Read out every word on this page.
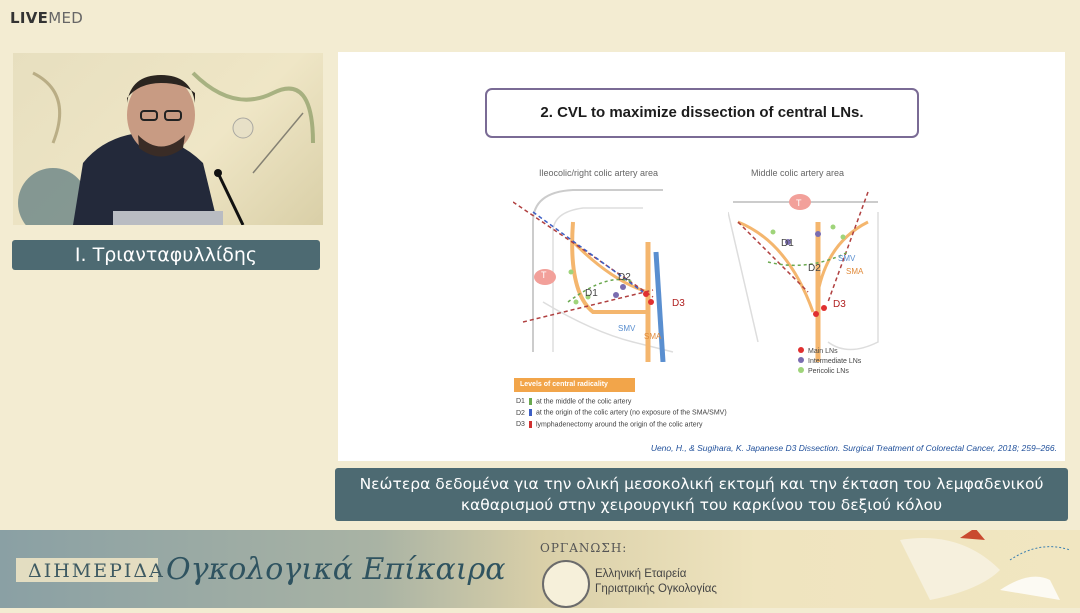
LIVEMED
Ι. Τριανταφυλλίδης
2. CVL to maximize dissection of central LNs.
Ileocolic/right colic artery area	Middle colic artery area
T	D2
D1
D3
SMV
SMA
T
D1
D2
D3
SMV
SMA
Main LNs
Intermediate LNs
Pericolic LNs
Levels of central radicality
D1 at the middle of the colic artery
D2 at the origin of the colic artery (no exposure of the SMA/SMV)
D3 lymphadenectomy around the origin of the colic artery
Ueno, H., & Sugihara, K. Japanese D3 Dissection. Surgical Treatment of Colorectal Cancer, 2018; 259–266.
Νεώτερα δεδομένα για την ολική μεσοκολική εκτομή και την έκταση του λεμφαδενικού
καθαρισμού στην χειρουργική του καρκίνου του δεξιού κόλου
ΔΙΗΜΕΡΙΔΑ Ογκολογικά Επίκαιρα
ΟΡΓΑΝΩΣΗ:
Ελληνική Εταιρεία
Γηριατρικής Ογκολογίας
